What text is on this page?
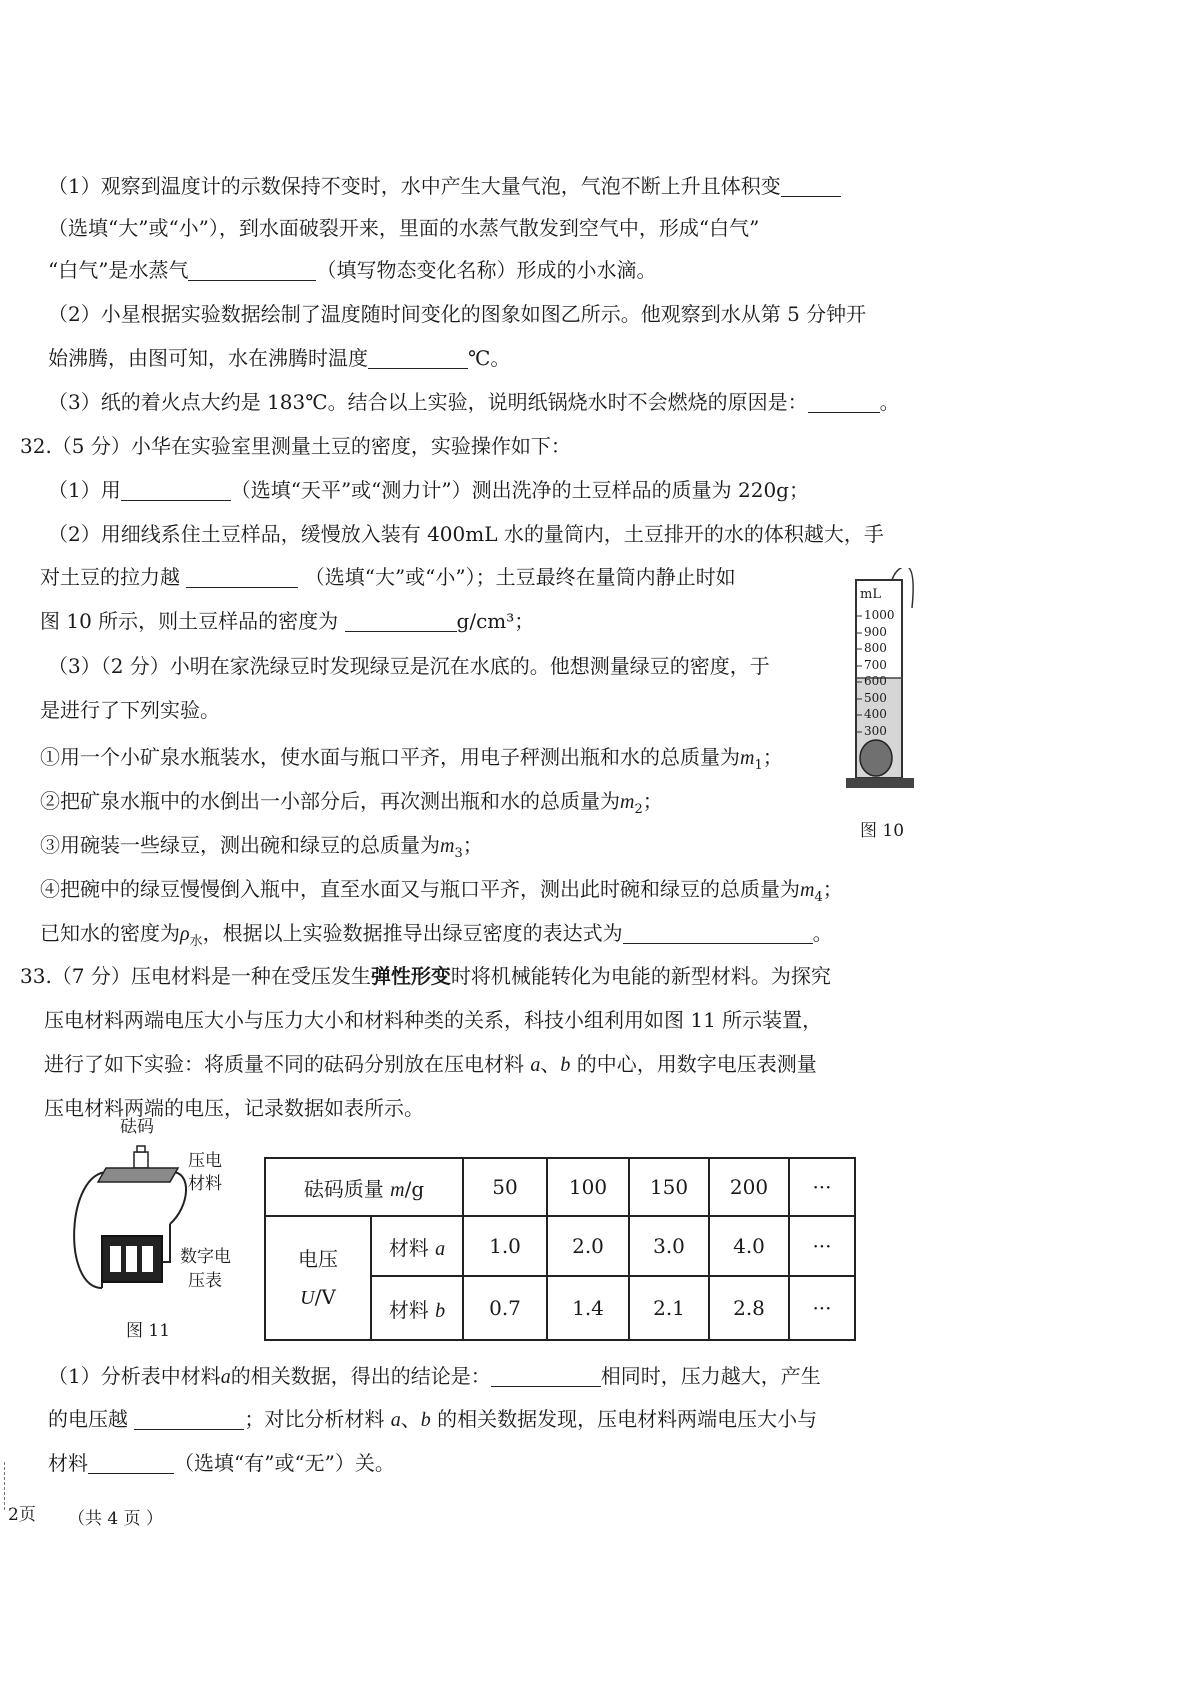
（1）观察到温度计的示数保持不变时，水中产生大量气泡，气泡不断上升且体积变
（选填“大”或“小”），到水面破裂开来，里面的水蒸气散发到空气中，形成“白气”
“白气”是水蒸气	（填写物态变化名称）形成的小水滴。
（2）小星根据实验数据绘制了温度随时间变化的图象如图乙所示。他观察到水从第 5 分钟开
始沸腾，由图可知，水在沸腾时温度	℃。
（3）纸的着火点大约是 183℃。结合以上实验，说明纸锅烧水时不会燃烧的原因是：	。
32.（5 分）小华在实验室里测量土豆的密度，实验操作如下：
（1）用	（选填“天平”或“测力计”）测出洗净的土豆样品的质量为 220g；
（2）用细线系住土豆样品，缓慢放入装有 400mL 水的量筒内，土豆排开的水的体积越大，手
对土豆的拉力越	（选填“大”或“小”）；土豆最终在量筒内静止时如
图 10 所示，则土豆样品的密度为	g/cm³；
（3）（2 分）小明在家洗绿豆时发现绿豆是沉在水底的。他想测量绿豆的密度，于
是进行了下列实验。
①用一个小矿泉水瓶装水，使水面与瓶口平齐，用电子秤测出瓶和水的总质量为$m_1$；
②把矿泉水瓶中的水倒出一小部分后，再次测出瓶和水的总质量为$m_2$；
③用碗装一些绿豆，测出碗和绿豆的总质量为$m_3$；
④把碗中的绿豆慢慢倒入瓶中，直至水面又与瓶口平齐，测出此时碗和绿豆的总质量为$m_4$；
已知水的密度为$\rho_水$，根据以上实验数据推导出绿豆密度的表达式为	。
mL
1000
900
800
700
600
500
400
300
图 10
33.（7 分）压电材料是一种在受压发生弹性形变时将机械能转化为电能的新型材料。为探究
压电材料两端电压大小与压力大小和材料种类的关系，科技小组利用如图 11 所示装置，
进行了如下实验：将质量不同的砝码分别放在压电材料 a、b 的中心，用数字电压表测量
压电材料两端的电压，记录数据如表所示。
砝码
压电
材料
数字电
压表
图 11
砝码质量 m/g		50	100	150	200	···

电压
U/V	材料 a	1.0	2.0	3.0	4.0	···
	材料 b	0.7	1.4	2.1	2.8	···
（1）分析表中材料a的相关数据，得出的结论是：	相同时，压力越大，产生
的电压越	；对比分析材料 a、b 的相关数据发现，压电材料两端电压大小与
材料	（选填“有”或“无”）关。
2页 （共 4 页 ）
